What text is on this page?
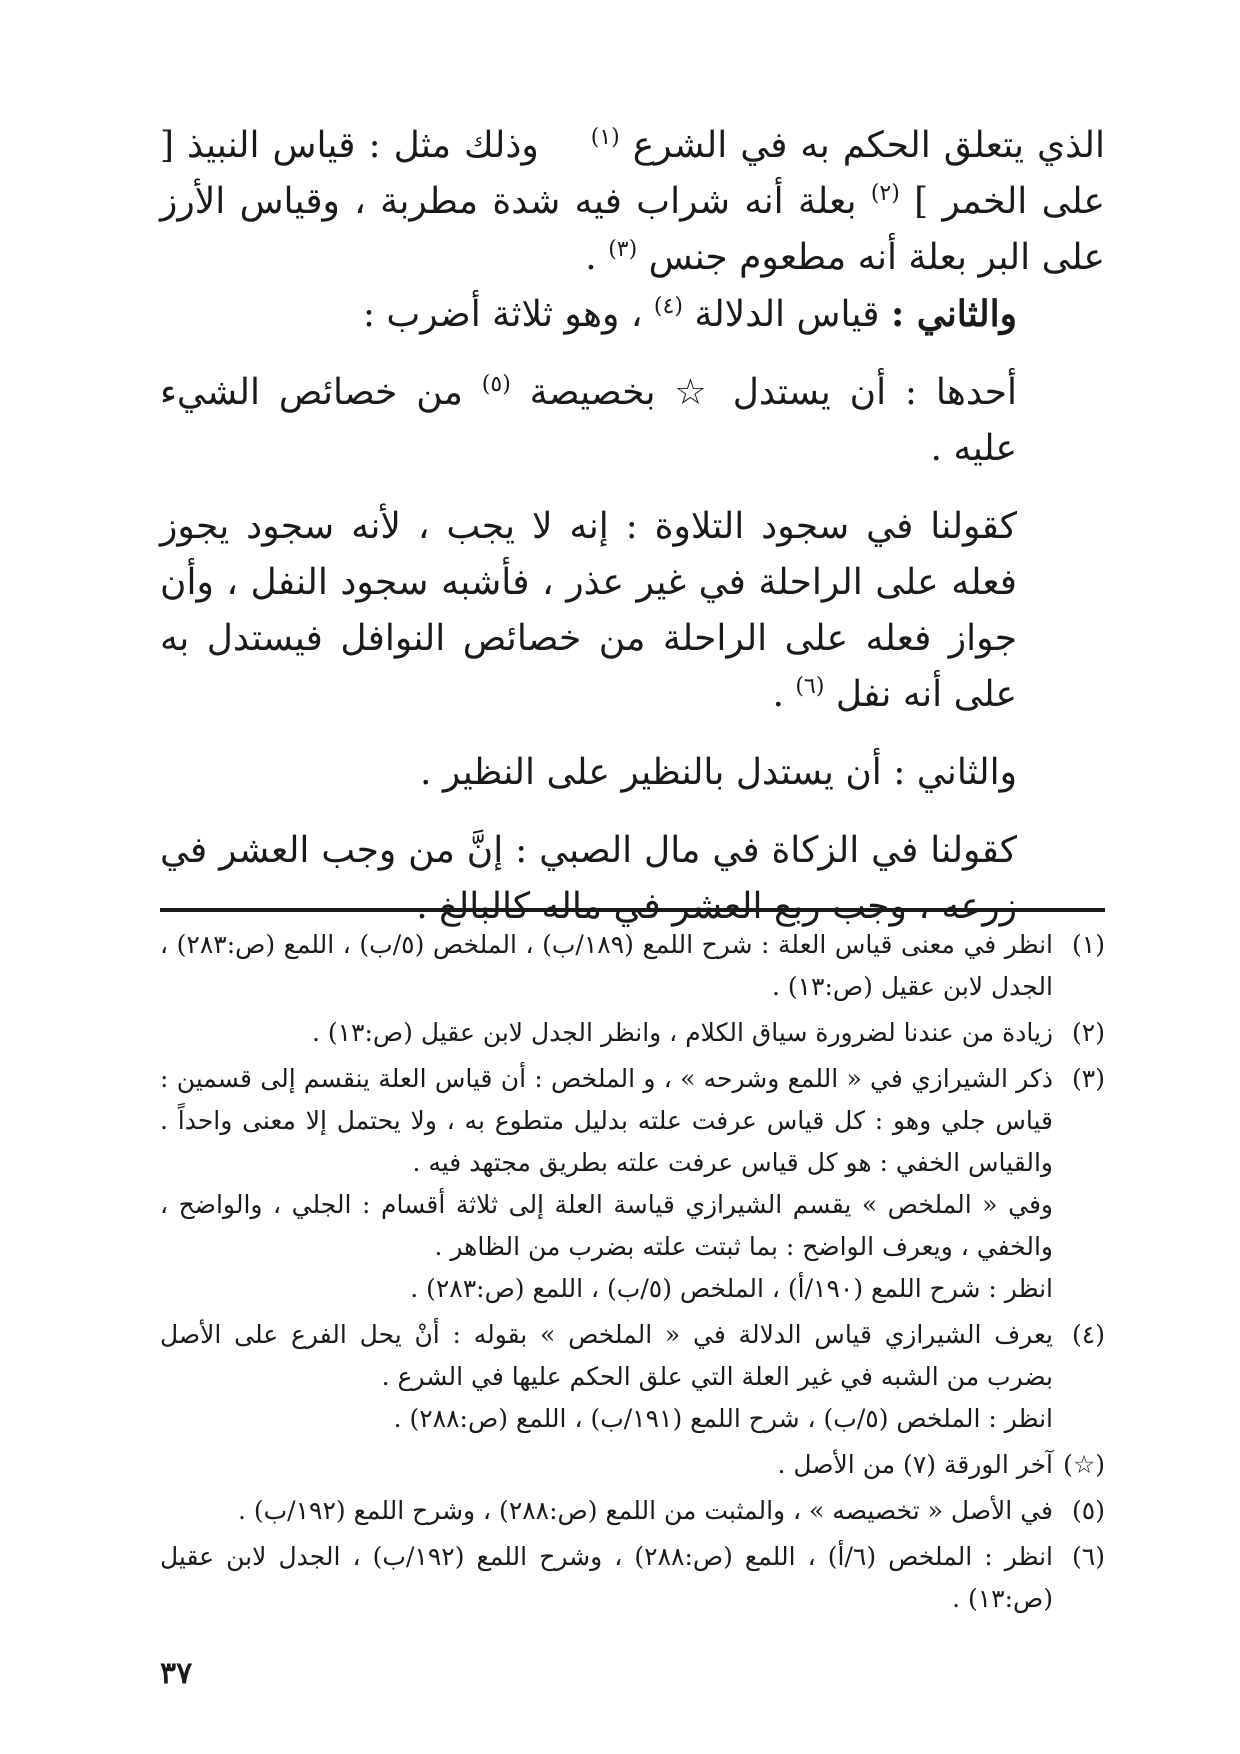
الذي يتعلق الحكم به في الشرع $^{(١)}$    وذلك مثل : قياس النبيذ [ على الخمر ] $^{(٢)}$ بعلة أنه شراب فيه شدة مطربة ، وقياس الأرز على البر بعلة أنه مطعوم جنس $^{(٣)}$ .

والثاني : قياس الدلالة $^{(٤)}$ ، وهو ثلاثة أضرب :

أحدها : أن يستدل ☆ بخصيصة $^{(٥)}$ من خصائص الشيء عليه .

كقولنا في سجود التلاوة : إنه لا يجب ، لأنه سجود يجوز فعله على الراحلة في غير عذر ، فأشبه سجود النفل ، وأن جواز فعله على الراحلة من خصائص النوافل فيستدل به على أنه نفل $^{(٦)}$ .

والثاني : أن يستدل بالنظير على النظير .

كقولنا في الزكاة في مال الصبي : إنَّ من وجب العشر في زرعه ، وجب ربع العشر في ماله كالبالغ .

(١)

انظر في معنى قياس العلة : شرح اللمع (١٨٩/ب) ، الملخص (٥/ب) ، اللمع (ص:٢٨٣) ، الجدل لابن عقيل (ص:١٣) .

(٢)

زيادة من عندنا لضرورة سياق الكلام ، وانظر الجدل لابن عقيل (ص:١٣) .

(٣)

ذكر الشيرازي في « اللمع وشرحه » ، و الملخص : أن قياس العلة ينقسم إلى قسمين : قياس جلي وهو : كل قياس عرفت علته بدليل متطوع به ، ولا يحتمل إلا معنى واحداً . والقياس الخفي : هو كل قياس عرفت علته بطريق مجتهد فيه .

وفي « الملخص » يقسم الشيرازي قياسة العلة إلى ثلاثة أقسام : الجلي ، والواضح ، والخفي ، ويعرف الواضح : بما ثبتت علته بضرب من الظاهر .

انظر : شرح اللمع (١٩٠/أ) ، الملخص (٥/ب) ، اللمع (ص:٢٨٣) .

(٤)

يعرف الشيرازي قياس الدلالة في « الملخص » بقوله : أنْ يحل الفرع على الأصل بضرب من الشبه في غير العلة التي علق الحكم عليها في الشرع .

انظر : الملخص (٥/ب) ، شرح اللمع (١٩١/ب) ، اللمع (ص:٢٨٨) .

(☆)

آخر الورقة (٧) من الأصل .

(٥)

في الأصل « تخصيصه » ، والمثبت من اللمع (ص:٢٨٨) ، وشرح اللمع (١٩٢/ب) .

(٦)

انظر : الملخص (٦/أ) ، اللمع (ص:٢٨٨) ، وشرح اللمع (١٩٢/ب) ، الجدل لابن عقيل (ص:١٣) .

٣٧
